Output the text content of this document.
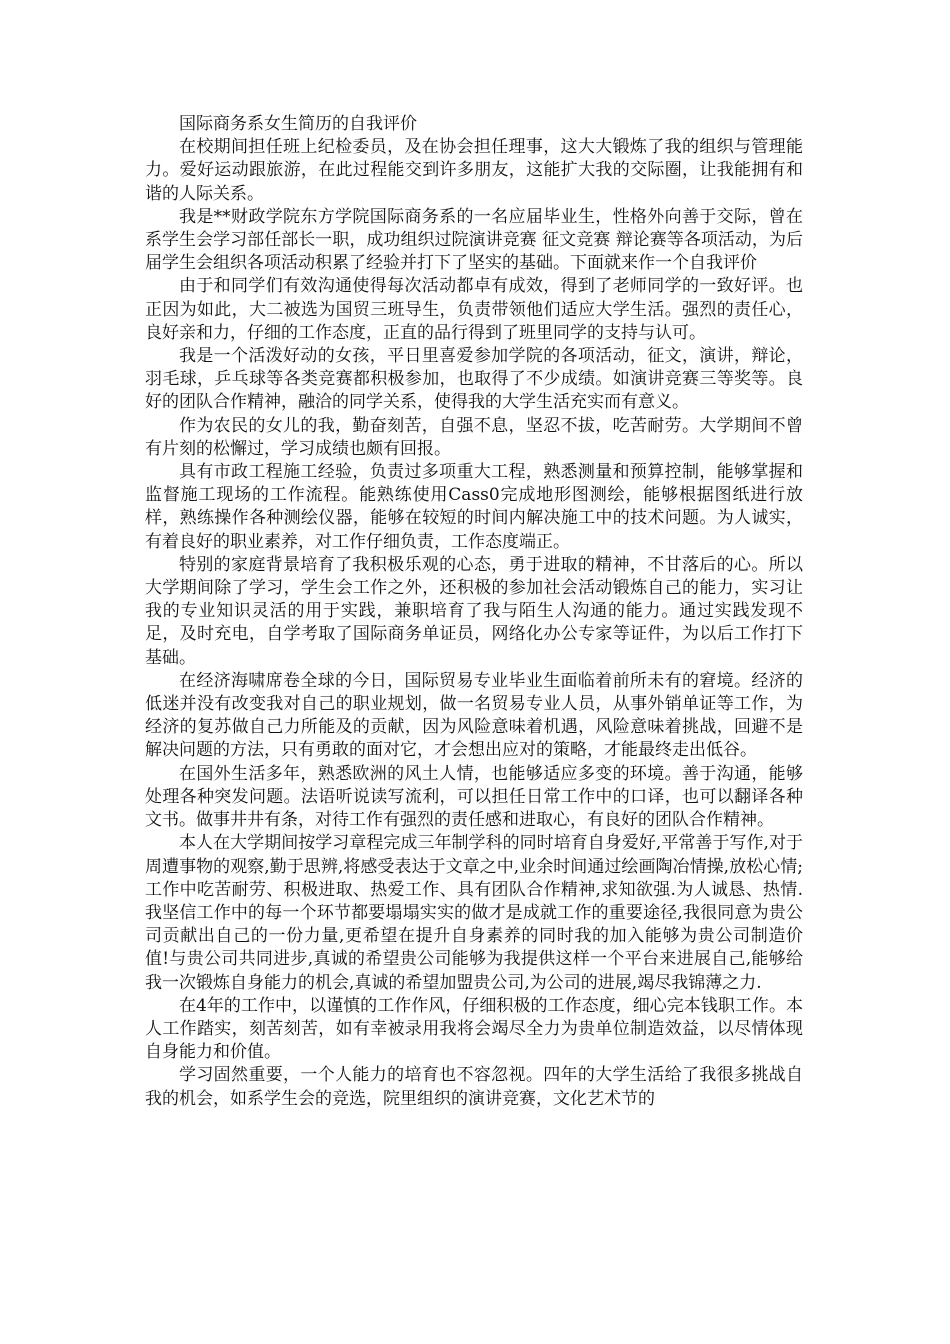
国际商务系女生简历的自我评价

在校期间担任班上纪检委员，及在协会担任理事，这大大锻炼了我的组织与管理能力。爱好运动跟旅游，在此过程能交到许多朋友，这能扩大我的交际圈，让我能拥有和谐的人际关系。

我是**财政学院东方学院国际商务系的一名应届毕业生，性格外向善于交际，曾在系学生会学习部任部长一职，成功组织过院演讲竞赛 征文竞赛 辩论赛等各项活动，为后届学生会组织各项活动积累了经验并打下了坚实的基础。下面就来作一个自我评价

由于和同学们有效沟通使得每次活动都卓有成效，得到了老师同学的一致好评。也正因为如此，大二被选为国贸三班导生，负责带领他们适应大学生活。强烈的责任心，良好亲和力，仔细的工作态度，正直的品行得到了班里同学的支持与认可。

我是一个活泼好动的女孩，平日里喜爱参加学院的各项活动，征文，演讲，辩论，羽毛球，乒乓球等各类竞赛都积极参加，也取得了不少成绩。如演讲竞赛三等奖等。良好的团队合作精神，融洽的同学关系，使得我的大学生活充实而有意义。

作为农民的女儿的我，勤奋刻苦，自强不息，坚忍不拔，吃苦耐劳。大学期间不曾有片刻的松懈过，学习成绩也颇有回报。

具有市政工程施工经验，负责过多项重大工程，熟悉测量和预算控制，能够掌握和监督施工现场的工作流程。能熟练使用Cass0完成地形图测绘，能够根据图纸进行放样，熟练操作各种测绘仪器，能够在较短的时间内解决施工中的技术问题。为人诚实，有着良好的职业素养，对工作仔细负责，工作态度端正。

特别的家庭背景培育了我积极乐观的心态，勇于进取的精神，不甘落后的心。所以大学期间除了学习，学生会工作之外，还积极的参加社会活动锻炼自己的能力，实习让我的专业知识灵活的用于实践，兼职培育了我与陌生人沟通的能力。通过实践发现不足，及时充电，自学考取了国际商务单证员，网络化办公专家等证件，为以后工作打下基础。

在经济海啸席卷全球的今日，国际贸易专业毕业生面临着前所未有的窘境。经济的低迷并没有改变我对自己的职业规划，做一名贸易专业人员，从事外销单证等工作，为经济的复苏做自己力所能及的贡献，因为风险意味着机遇，风险意味着挑战，回避不是解决问题的方法，只有勇敢的面对它，才会想出应对的策略，才能最终走出低谷。

在国外生活多年，熟悉欧洲的风土人情，也能够适应多变的环境。善于沟通，能够处理各种突发问题。法语听说读写流利，可以担任日常工作中的口译，也可以翻译各种文书。做事井井有条，对待工作有强烈的责任感和进取心，有良好的团队合作精神。

本人在大学期间按学习章程完成三年制学科的同时培育自身爱好,平常善于写作,对于周遭事物的观察,勤于思辨,将感受表达于文章之中,业余时间通过绘画陶冶情操,放松心情;工作中吃苦耐劳、积极进取、热爱工作、具有团队合作精神,求知欲强.为人诚恳、热情.我坚信工作中的每一个环节都要塌塌实实的做才是成就工作的重要途径,我很同意为贵公司贡献出自己的一份力量,更希望在提升自身素养的同时我的加入能够为贵公司制造价值!与贵公司共同进步,真诚的希望贵公司能够为我提供这样一个平台来进展自己,能够给我一次锻炼自身能力的机会,真诚的希望加盟贵公司,为公司的进展,竭尽我锦薄之力.

在4年的工作中，以谨慎的工作作风，仔细积极的工作态度，细心完本钱职工作。本人工作踏实，刻苦刻苦，如有幸被录用我将会竭尽全力为贵单位制造效益，以尽情体现自身能力和价值。

学习固然重要，一个人能力的培育也不容忽视。四年的大学生活给了我很多挑战自我的机会，如系学生会的竞选，院里组织的演讲竞赛，文化艺术节的
